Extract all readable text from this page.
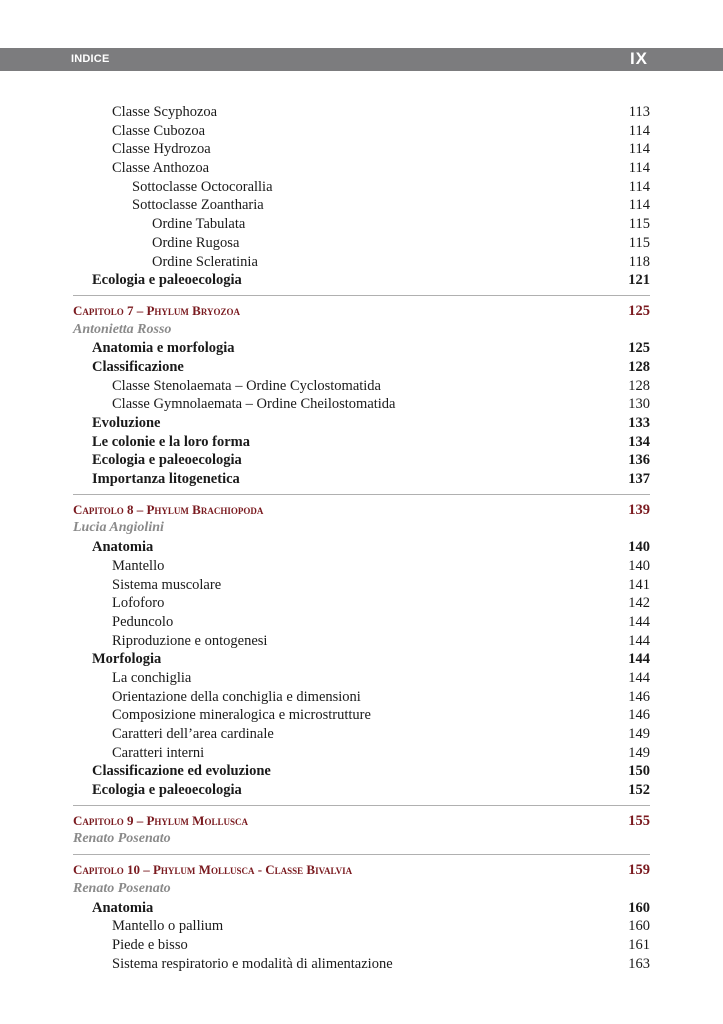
INDICE	IX
Classe Scyphozoa	113
Classe Cubozoa	114
Classe Hydrozoa	114
Classe Anthozoa	114
Sottoclasse Octocorallia	114
Sottoclasse Zoantharia	114
Ordine Tabulata	115
Ordine Rugosa	115
Ordine Scleratinia	118
Ecologia e paleoecologia	121
Capitolo 7 – Phylum Bryozoa	125
Antonietta Rosso
Anatomia e morfologia	125
Classificazione	128
Classe Stenolaemata – Ordine Cyclostomatida	128
Classe Gymnolaemata – Ordine Cheilostomatida	130
Evoluzione	133
Le colonie e la loro forma	134
Ecologia e paleoecologia	136
Importanza litogenetica	137
Capitolo 8 – Phylum Brachiopoda	139
Lucia Angiolini
Anatomia	140
Mantello	140
Sistema muscolare	141
Lofoforo	142
Peduncolo	144
Riproduzione e ontogenesi	144
Morfologia	144
La conchiglia	144
Orientazione della conchiglia e dimensioni	146
Composizione mineralogica e microstrutture	146
Caratteri dell’area cardinale	149
Caratteri interni	149
Classificazione ed evoluzione	150
Ecologia e paleoecologia	152
Capitolo 9 – Phylum Mollusca	155
Renato Posenato
Capitolo 10 – Phylum Mollusca - Classe Bivalvia	159
Renato Posenato
Anatomia	160
Mantello o pallium	160
Piede e bisso	161
Sistema respiratorio e modalità di alimentazione	163
